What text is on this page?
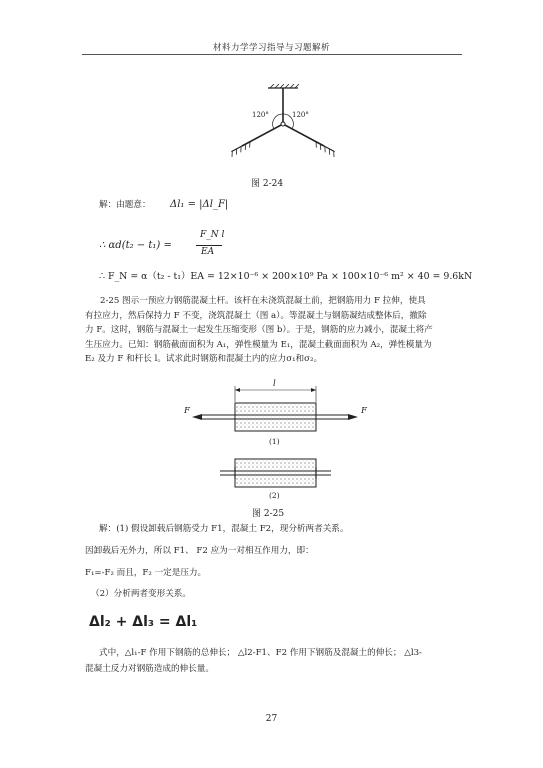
材料力学学习指导与习题解析
120°	120°
图 2-24
解：由题意： Δl₁ = |Δl_F|
∴ αd(t₂ − t₁) =
F_N l
EA
∴ F_N = α（t₂ - t₁）EA = 12×10⁻⁶ × 200×10⁹ Pa × 100×10⁻⁶ m² × 40 = 9.6kN
2-25 图示一预应力钢筋混凝土杆。该杆在未浇筑混凝土前，把钢筋用力 F 拉伸，使具
有拉应力，然后保持力 F 不变，浇筑混凝土（图 a）。等混凝土与钢筋凝结成整体后，撤除
力 F。这时，钢筋与混凝土一起发生压缩变形（图 b）。于是，钢筋的应力减小，混凝土将产
生压应力。已知：钢筋截面面积为 A₁，弹性模量为 E₁，混凝土截面面积为 A₂，弹性模量为
E₂ 及力 F 和杆长 l。试求此时钢筋和混凝土内的应力σ₁和σ₂。
l
F	F
(1)
(2)
图 2-25
解：(1) 假设卸载后钢筋受力 F1，混凝土 F2，现分析两者关系。
因卸载后无外力，所以 F1、 F2 应为一对相互作用力，即：
F₁=-F₂ 而且，F₂ 一定是压力。
（2）分析两者变形关系。
Δl₂ + Δl₃ = Δl₁
式中，△l₁-F 作用下钢筋的总伸长； △l2-F1、F2 作用下钢筋及混凝土的伸长； △l3-
混凝土反力对钢筋造成的伸长量。
27
